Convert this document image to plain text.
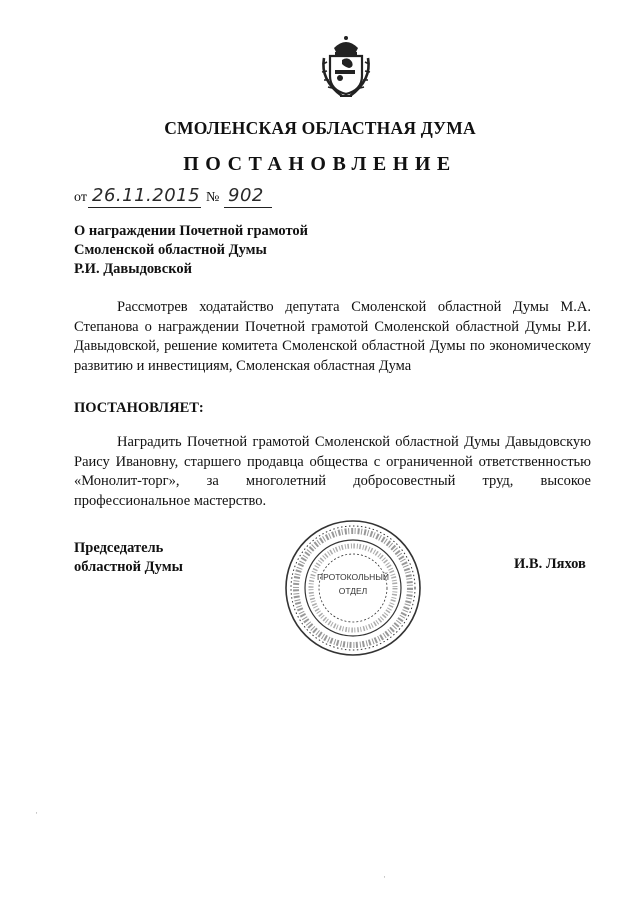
СМОЛЕНСКАЯ ОБЛАСТНАЯ ДУМА
ПОСТАНОВЛЕНИЕ
от 26.11.2015 № 902
О награждении Почетной грамотой
Смоленской областной Думы
Р.И. Давыдовской
Рассмотрев ходатайство депутата Смоленской областной Думы М.А. Степанова о награждении Почетной грамотой Смоленской областной Думы Р.И. Давыдовской, решение комитета Смоленской областной Думы по экономическому развитию и инвестициям, Смоленская областная Дума
ПОСТАНОВЛЯЕТ:
Наградить Почетной грамотой Смоленской областной Думы Давыдовскую Раису Ивановну, старшего продавца общества с ограниченной ответственностью «Монолит-торг», за многолетний добросовестный труд, высокое профессиональное мастерство.
Председатель
областной Думы	И.В. Ляхов
ПРОТОКОЛЬНЫЙ
ОТДЕЛ
·
·
